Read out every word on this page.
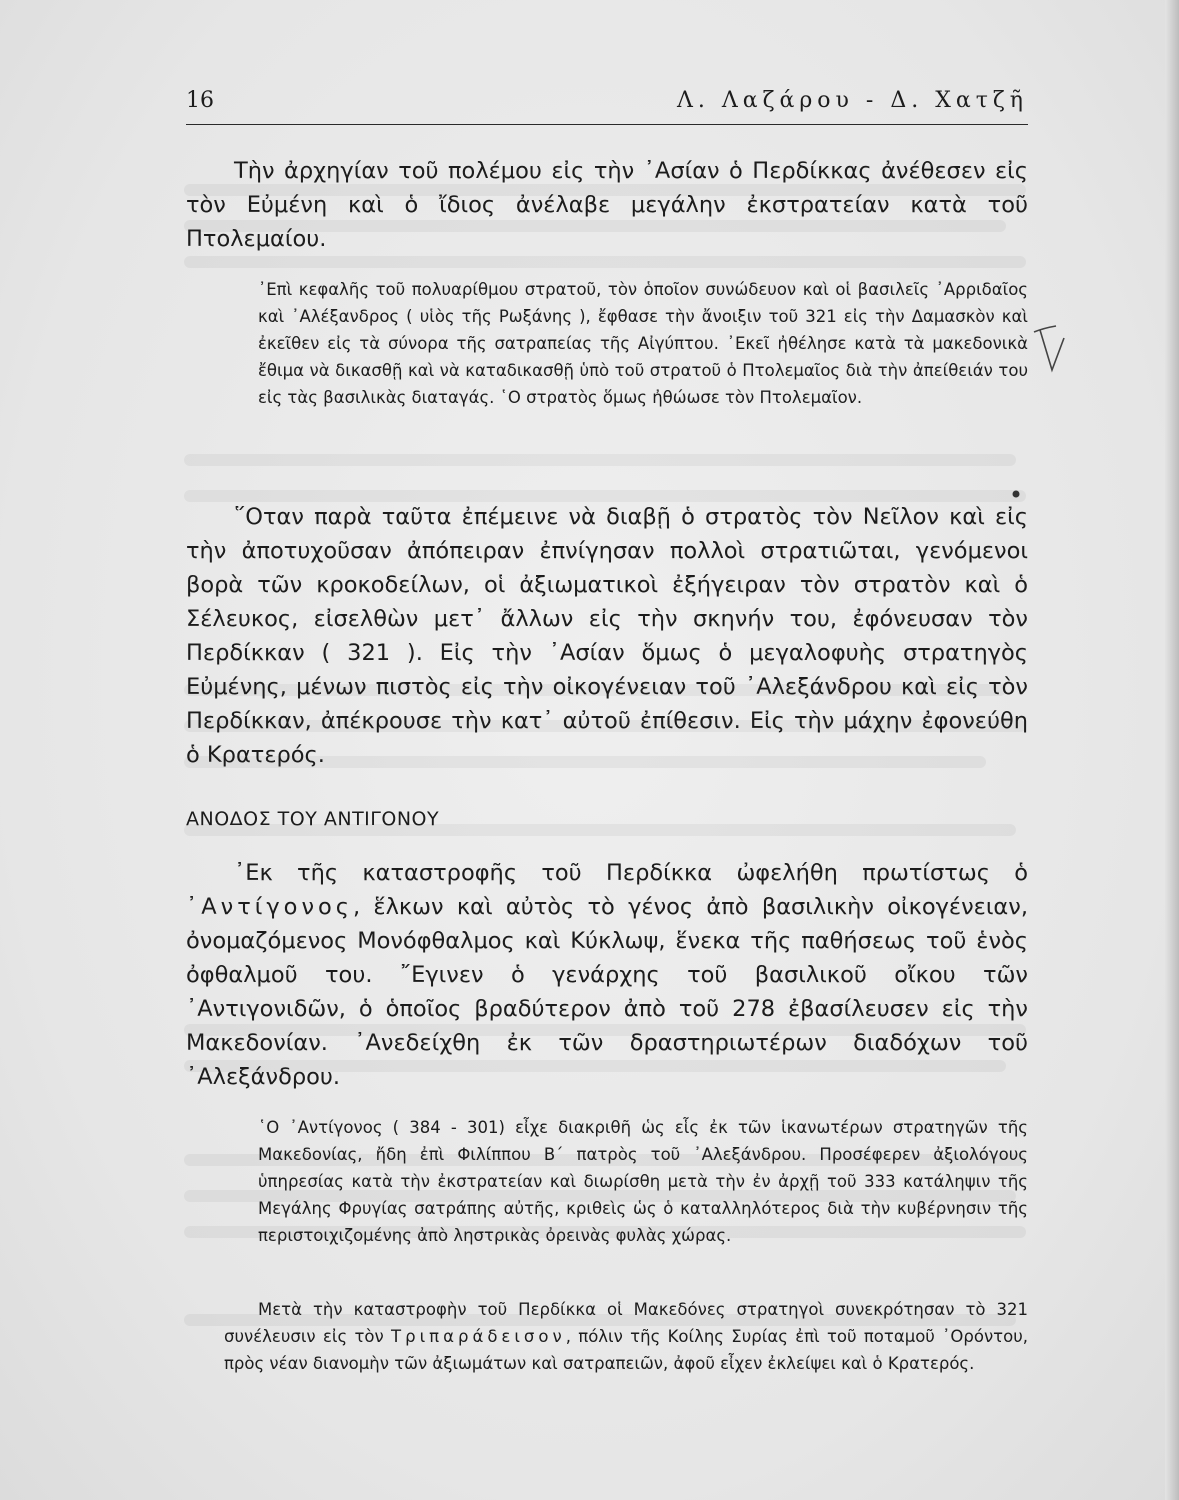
16	Λ. Λαζάρου - Δ. Χατζῆ

Τὴν ἀρχηγίαν τοῦ πολέμου εἰς τὴν ᾿Ασίαν ὁ Περδίκκας ἀνέθεσεν εἰς τὸν Εὐμένη καὶ ὁ ἴδιος ἀνέλαβε μεγάλην ἐκστρατείαν κατὰ τοῦ Πτολεμαίου.

᾿Επὶ κεφαλῆς τοῦ πολυαρίθμου στρατοῦ, τὸν ὁποῖον συνώδευον καὶ οἱ βασιλεῖς ᾿Αρριδαῖος καὶ ᾿Αλέξανδρος ( υἱὸς τῆς Ρωξάνης ), ἔφθασε τὴν ἄνοιξιν τοῦ 321 εἰς τὴν Δαμασκὸν καὶ ἐκεῖθεν εἰς τὰ σύνορα τῆς σατραπείας τῆς Αἰγύπτου. ᾿Εκεῖ ἠθέλησε κατὰ τὰ μακεδονικὰ ἔθιμα νὰ δικασθῇ καὶ νὰ καταδικασθῇ ὑπὸ τοῦ στρατοῦ ὁ Πτολεμαῖος διὰ τὴν ἀπείθειάν του εἰς τὰς βασιλικὰς διαταγάς. ῾Ο στρατὸς ὅμως ἠθώωσε τὸν Πτολεμαῖον.

῞Οταν παρὰ ταῦτα ἐπέμεινε νὰ διαβῇ ὁ στρατὸς τὸν Νεῖλον καὶ εἰς τὴν ἀποτυχοῦσαν ἀπόπειραν ἐπνίγησαν πολλοὶ στρατιῶται, γενόμενοι βορὰ τῶν κροκοδείλων, οἱ ἀξιωματικοὶ ἐξήγειραν τὸν στρατὸν καὶ ὁ Σέλευκος, εἰσελθὼν μετ᾿ ἄλλων εἰς τὴν σκηνήν του, ἐφόνευσαν τὸν Περδίκκαν ( 321 ). Εἰς τὴν ᾿Ασίαν ὅμως ὁ μεγαλοφυὴς στρατηγὸς Εὐμένης, μένων πιστὸς εἰς τὴν οἰκογένειαν τοῦ ᾿Αλεξάνδρου καὶ εἰς τὸν Περδίκκαν, ἀπέκρουσε τὴν κατ᾿ αὐτοῦ ἐπίθεσιν. Εἰς τὴν μάχην ἐφονεύθη ὁ Κρατερός.

ΑΝΟΔΟΣ ΤΟΥ ΑΝΤΙΓΟΝΟΥ

᾿Εκ τῆς καταστροφῆς τοῦ Περδίκκα ὠφελήθη πρωτίστως ὁ ᾿Αντίγονος, ἕλκων καὶ αὐτὸς τὸ γένος ἀπὸ βασιλικὴν οἰκογένειαν, ὀνομαζόμενος Μονόφθαλμος καὶ Κύκλωψ, ἕνεκα τῆς παθήσεως τοῦ ἑνὸς ὀφθαλμοῦ του. ῎Εγινεν ὁ γενάρχης τοῦ βασιλικοῦ οἴκου τῶν ᾿Αντιγονιδῶν, ὁ ὁποῖος βραδύτερον ἀπὸ τοῦ 278 ἐβασίλευσεν εἰς τὴν Μακεδονίαν. ᾿Ανεδείχθη ἐκ τῶν δραστηριωτέρων διαδόχων τοῦ ᾿Αλεξάνδρου.

῾Ο ᾿Αντίγονος ( 384 - 301) εἶχε διακριθῆ ὡς εἷς ἐκ τῶν ἱκανωτέρων στρατηγῶν τῆς Μακεδονίας, ἤδη ἐπὶ Φιλίππου Β΄ πατρὸς τοῦ ᾿Αλεξάνδρου. Προσέφερεν ἀξιολόγους ὑπηρεσίας κατὰ τὴν ἐκστρατείαν καὶ διωρίσθη μετὰ τὴν ἐν ἀρχῇ τοῦ 333 κατάληψιν τῆς Μεγάλης Φρυγίας σατράπης αὐτῆς, κριθεὶς ὡς ὁ καταλληλότερος διὰ τὴν κυβέρνησιν τῆς περιστοιχιζομένης ἀπὸ ληστρικὰς ὀρεινὰς φυλὰς χώρας.

Μετὰ τὴν καταστροφὴν τοῦ Περδίκκα οἱ Μακεδόνες στρατηγοὶ συνεκρότησαν τὸ 321 συνέλευσιν εἰς τὸν Τριπαράδεισον, πόλιν τῆς Κοίλης Συρίας ἐπὶ τοῦ ποταμοῦ ᾿Ορόντου, πρὸς νέαν διανομὴν τῶν ἀξιωμάτων καὶ σατραπειῶν, ἀφοῦ εἶχεν ἐκλείψει καὶ ὁ Κρατερός.
